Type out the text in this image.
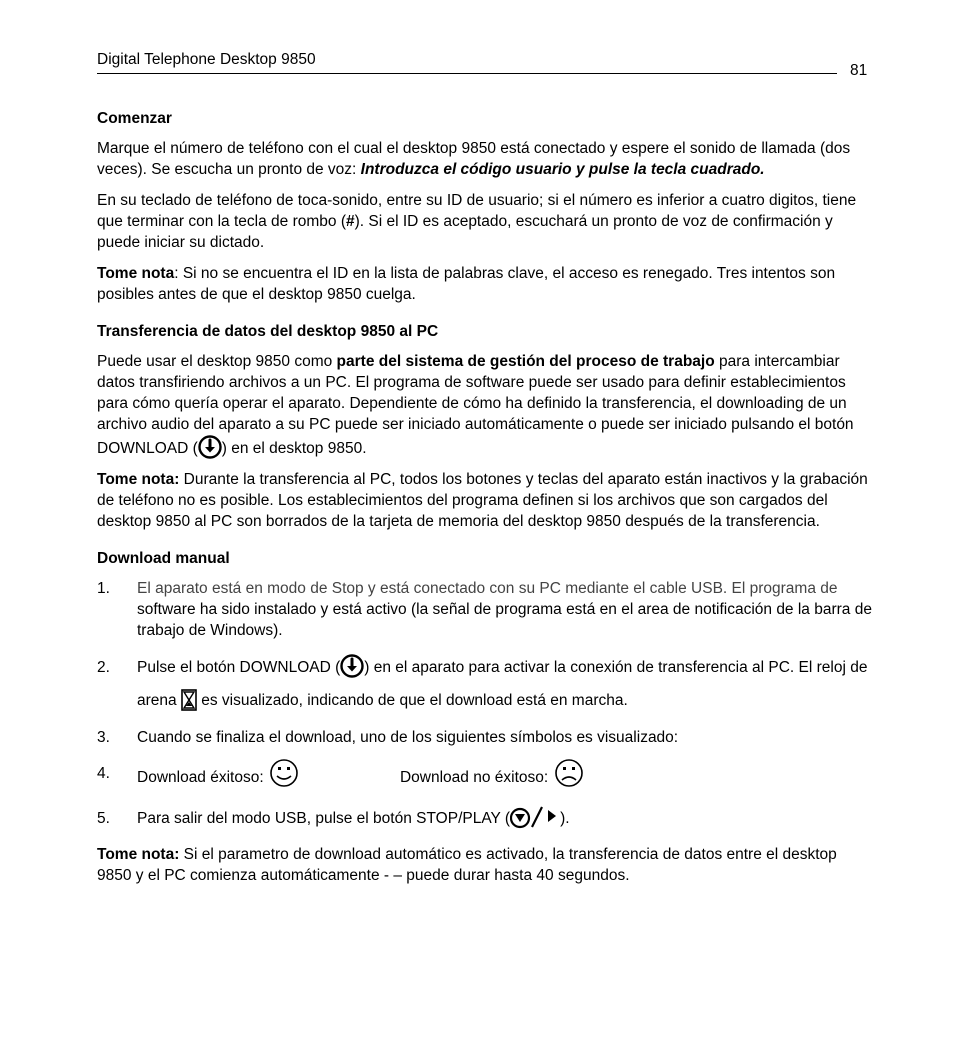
Digital Telephone Desktop 9850
81
Comenzar

Marque el número de teléfono con el cual el desktop 9850 está conectado y espere el sonido de llamada (dos veces). Se escucha un pronto de voz: Introduzca el código usuario y pulse la tecla cuadrado.

En su teclado de teléfono de toca-sonido, entre su ID de usuario; si el número es inferior a cuatro digitos, tiene que terminar con la tecla de rombo (#). Si el ID es aceptado, escuchará un pronto de voz de confirmación y puede iniciar su dictado.

Tome nota: Si no se encuentra el ID en la lista de palabras clave, el acceso es renegado. Tres intentos son posibles antes de que el desktop 9850 cuelga.

Transferencia de datos del desktop 9850 al PC

Puede usar el desktop 9850 como parte del sistema de gestión del proceso de trabajo para intercambiar datos transfiriendo archivos a un PC. El programa de software puede ser usado para definir establecimientos para cómo quería operar el aparato. Dependiente de cómo ha definido la transferencia, el downloading de un archivo audio del aparato a su PC puede ser iniciado automáticamente o puede ser iniciado pulsando el botón DOWNLOAD ( ) en el desktop 9850.

Tome nota: Durante la transferencia al PC, todos los botones y teclas del aparato están inactivos y la grabación de teléfono no es posible. Los establecimientos del programa definen si los archivos que son cargados del desktop 9850 al PC son borrados de la tarjeta de memoria del desktop 9850 después de la transferencia.

Download manual
1. El aparato está en modo de Stop y está conectado con su PC mediante el cable USB. El programa de software ha sido instalado y está activo (la señal de programa está en el area de notificación de la barra de trabajo de Windows).
2. Pulse el botón DOWNLOAD ( ) en el aparato para activar la conexión de transferencia al PC. El reloj de arena
es visualizado, indicando de que el download está en marcha.
3. Cuando se finaliza el download, uno de los siguientes símbolos es visualizado:
4. Download éxitoso:	Download no éxitoso:
5. Para salir del modo USB, pulse el botón STOP/PLAY (	).

Tome nota: Si el parametro de download automático es activado, la transferencia de datos entre el desktop 9850 y el PC comienza automáticamente - – puede durar hasta 40 segundos.
